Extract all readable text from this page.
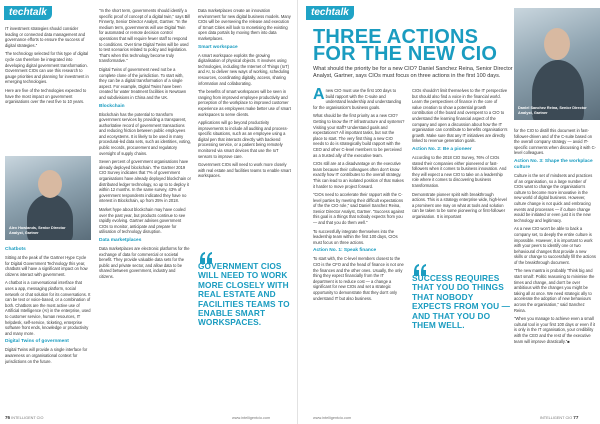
techtalk

IT investment strategies should consider leading or connected data management and governance efforts to ensure the success of digital strategies."

The technology selected for this type of digital cycle can therefore be integrated into developing digital government transformation. Government CIOs can use this research to gauge priorities and planning for investment in emerging technologies.

Here are five of the technologies expected to have the most impact on government organisations over the next five to 10 years.

Alex Howlands, Senior Director Analyst, Gartner
Chatbots

Sitting at the peak of the Gartner Hype Cycle for Digital Government Technology this year, chatbots will have a significant impact on how citizens interact with government.

A chatbot is a conversational interface that uses a app, messaging platform, social network or chat solution for its conversations. It can be text or voice-based, or a combination of both. Chatbots are the most active use of Artificial Intelligence (AI) in the enterprise, used to customer service, human resources, IT helpdesk, self-service, ticketing, enterprise software front ends, knowledge or productivity and many more.

Digital Twins of government

Digital Twins will provide a single interface for awareness on organisational context for jurisdictions on the future.

"In the short term, governments should identify a specific proof of concept of a digital twin," says Bill Finnerty, Senior Director Analyst, Gartner. "In the medium term, governments will use Digital Twin for automated or remote decision control operations that will require fewer staff to respond to conditions. Over time Digital Twins will be used to test scenarios related to policy and legislation. That's when this technology become truly transformative."

Digital Twins of government need not be a complete clone of the jurisdiction. To start with, they can be a digital transformation of a single aspect. For example, Digital Twins have been created for water treatment facilities in Newtown and subdivisions in China and the UK.

Blockchain

Blockchain has the potential to transform government services by providing a transparent, authoritative record of government transactions and reducing friction between public employees and ecosystems. It is likely to be used in many procedural-led data sets, such as identities, voting, public records, procurement and regulatory oversight of supply chains.

Seven percent of government organisations have already deployed blockchain. The Gartner 2019 CIO Survey indicates that 7% of government organisations have already deployed blockchain or distributed ledger technology, so up to to deploy it within 12 months. In the same survey, 43% of government respondents indicated they have no interest in Blockchain, up from 25% in 2018.

Market hype about blockchain may have cooled over the past year, but products continue to see rapidly evolving. Gartner advises government CIOs to monitor, anticipate and prepare for utilisation of technology disruption.

Data marketplaces

Data marketplaces are electronic platforms for the exchange of data for commercial or societal benefit. They provide valuable data sets for the public and private sector, and allow data to be shared between government, industry and citizens.

Data marketplaces create an innovation environment for new digital business models. Many CIOs will be overseeing the release and execution of Smart Cities will look to monetising the existing open data portals by moving them into data marketplaces.

Smart workspace

A smart workspace exploits the growing digitalisation of physical objects. It involves using technologies, including the Internet of Things (IoT) and AI, to deliver new ways of working, scheduling resources, coordinating digitally, access, sharing information and collaborating.

The benefits of smart workspaces will be seen in ranging from improved employee productivity and perception of the workplace to improved customer experience as employees make better use of smart workspaces to serve clients.

Applications will go beyond productivity improvements to include all auditing and process-specific situations, such as an employee using a digital pen that interacts directly with backend processing service, or a patient being remotely monitored via smart devices that use the IoT sensors to improve care.

Government CIOs will need to work more closely with real estate and facilities teams to enable smart workspaces.

GOVERNMENT CIOS WILL NEED TO WORK MORE CLOSELY WITH REAL ESTATE AND FACILITIES TEAMS TO ENABLE SMART WORKSPACES.
76 INTELLIGENT CIO	www.intelligentcio.com
techtalk
THREE ACTIONS FOR THE NEW CIO
What should the priority be for a new CIO? Daniel Sanchez Reina, Senior Director Analyst, Gartner, says CIOs must focus on three actions in the first 100 days.
Daniel Sanchez Reina, Senior Director Analyst, Gartner

Anew CIO must use the first 100 days to build rapport with the C-suite and understand leadership and understanding for the organisation's business goals.

What should be the first priority as a new CIO? Getting to know the IT infrastructure and systems? Visiting your staff? Understand goals and expectations? All important tasks, but not the place to start. The very first thing a new CIO needs to do is strategically build rapport with the CEO and other C-level members to be perceived as a trusted ally of the executive team.

CIOs still are at a disadvantage on the executive team because their colleagues often don't know exactly how IT contributes to the overall strategy. This can lead to an isolated position of that makes it harder to move project forward.

"CIOs need to accelerate their rapport with the C-level parties by meeting their difficult expectations of the the CIO role," said Daniel Sanchez Reina, Senior Director Analyst, Gartner. "Success against this goal is a things that nobody expects from you — and that you do them well."

To successfully integrate themselves into the leadership team within the first 100 days, CIOs must focus on three actions.

Action No. 1: Speak finance

To start with, the C-level members closest to the CIO is the CFO and the head of finance is not one the finances and the other ones. Usually, the only thing they expect financially from the IT department is to reduce cost — a change a significant for new CIOs and set a strategic opportunity to demonstrate that they don't only understand IT but also business.

CIOs shouldn't limit themselves to the IT perspective but should also find a voice in the financial world. Learn the perspectives of finance in the core of value creation to show a potential growth contribution of the board and overspent to a CIO to understand the learning financial aspect of the company and open a discussion about how the IT organisation can contribute to benefits organisation's growth. Make sure that any IT initiatives are directly linked to revenue generation goals.

Action No. 2: Be a pioneer

According to the 2018 CIO Survey, 76% of CIOs stated their companies either pioneered or fast-followers when it comes to business innovation. And they will expect a new CIO to take on a leadership role where it comes to discovering business transformation.

Demonstrate pioneer spirit with breakthrough actions. This is a strategy enterprise wide, high-level a prominent one may on what at tools and solution can be taken to be some pioneering or first-follower organisation. It is important

SUCCESS REQUIRES THAT YOU DO THINGS THAT NOBODY EXPECTS FROM YOU — AND THAT YOU DO THEM WELL.

for the CIO to distill this document in fast-follower-driven and of the C-suite based on the overall company strategy — avoid IT-specific comments when discussing it with C-level colleagues.

Action No. 3: Shape the workplace culture

Culture is the set of mindsets and practices of an organisation, so a large number of CIOs want to change the organisation's culture to become more innovative in the new world of digital business. However, culture change is not quick and embracing events and processes — if culture change would be initiated or even just it is the new technology and legitimacy.

As a new CIO won't be able to back a company set, to deeply the entire culture is impossible. However, it is important to work with your peers to identify one or two behavioural changes that provide a new skills or change to successfully fill the actions of the breakthrough document.

"The new mantra is probably 'Think big and start small'. Politic reasoning to minimise the times and change, and don't be over ambitious with the changes you might be taking all at once. We need strategic ally to accelerate the adoption of new behaviours across the organisation," said Sanchez Reina.

"When you manage to achieve even a small cultural tool in your first 100 days or even if it is only in the IT organisation, your credibility with the CEO and the rest of the executive team will improve drastically."■

www.intelligentcio.com	INTELLIGENT CIO 77
